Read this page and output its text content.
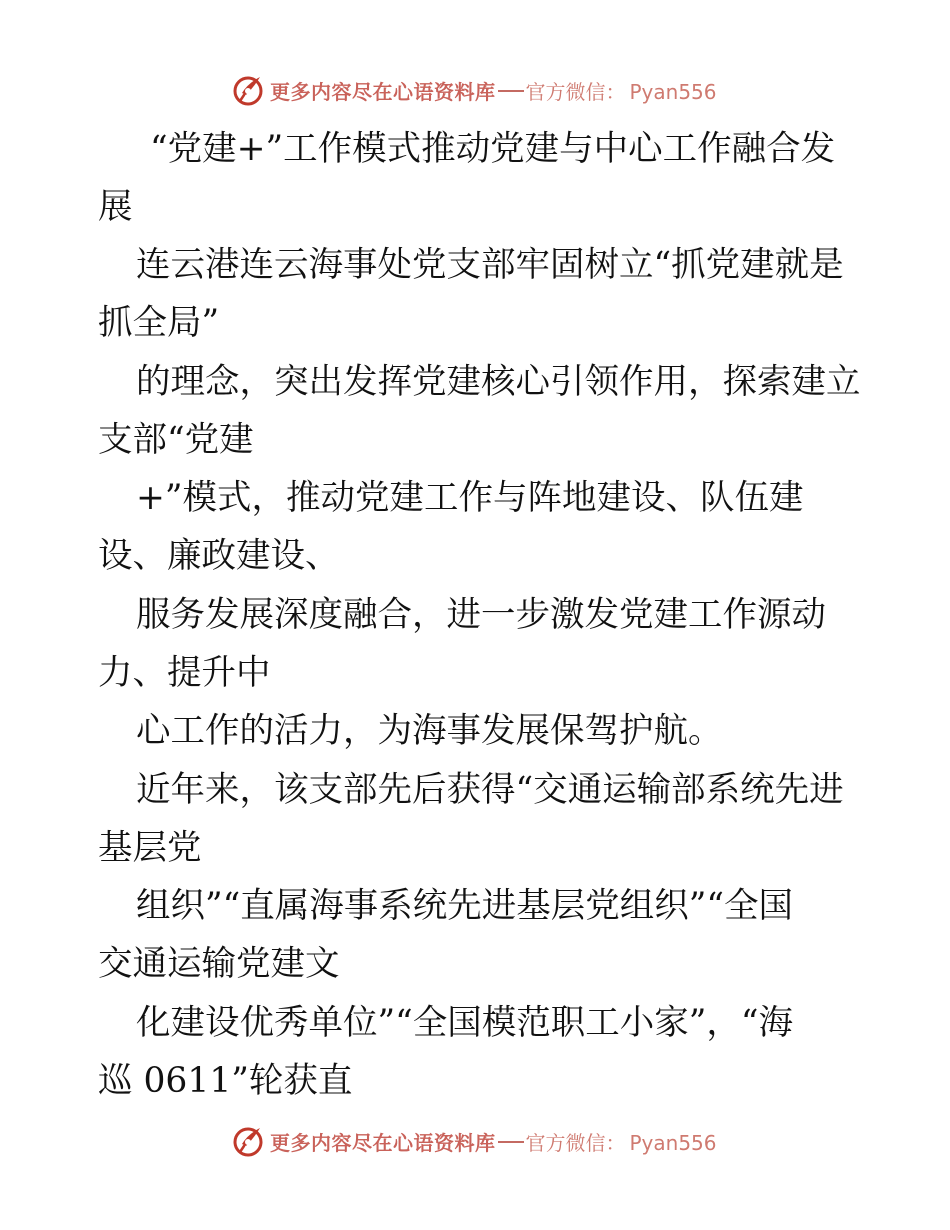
更多内容尽在心语资料库 官方微信： Pyan556
“党建+”工作模式推动党建与中心工作融合发
展
连云港连云海事处党支部牢固树立“抓党建就是
抓全局”
的理念，突出发挥党建核心引领作用，探索建立
支部“党建
+”模式，推动党建工作与阵地建设、队伍建
设、廉政建设、
服务发展深度融合，进一步激发党建工作源动
力、提升中
心工作的活力，为海事发展保驾护航。
近年来，该支部先后获得“交通运输部系统先进
基层党
组织”“直属海事系统先进基层党组织”“全国
交通运输党建文
化建设优秀单位”“全国模范职工小家”，“海
巡 0611”轮获直
更多内容尽在心语资料库 官方微信： Pyan556
